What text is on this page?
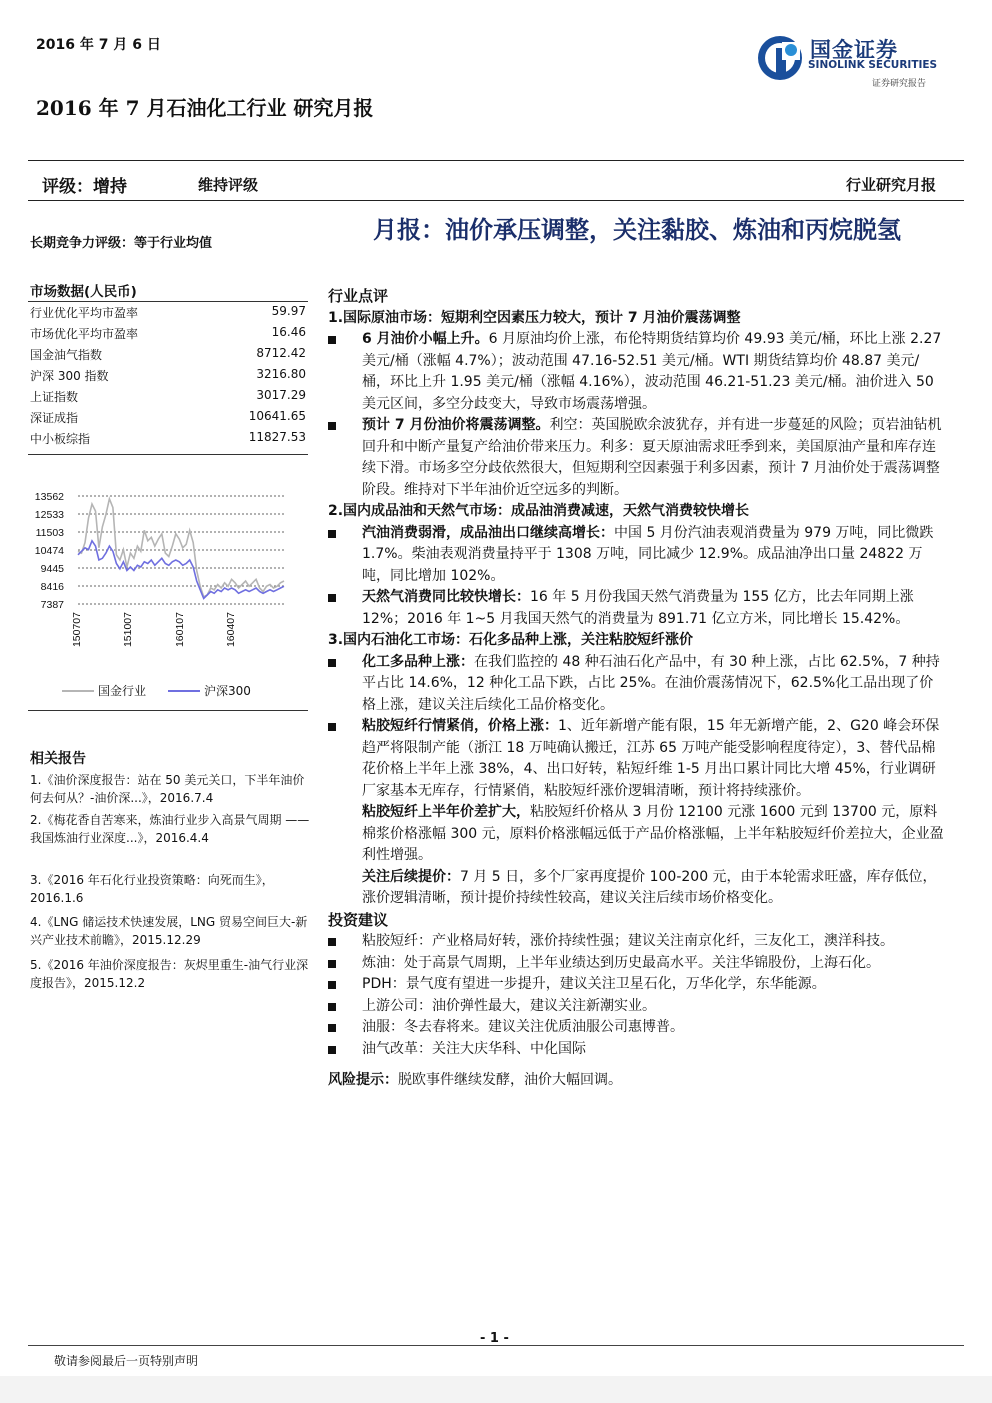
2016 年 7 月 6 日	国金证券
SINOLINK SECURITIES
证券研究报告
2016 年 7 月石油化工行业 研究月报
评级：增持	维持评级	行业研究月报
长期竞争力评级：等于行业均值
市场数据(人民币)
行业优化平均市盈率	59.97
市场优化平均市盈率	16.46
国金油气指数	8712.42
沪深 300 指数	3216.80
上证指数	3017.29
深证成指	10641.65
中小板综指	11827.53
13562
12533
11503
10474
9445
8416
7387
150707	151007	160107	160407
国金行业	沪深300
相关报告
1.《油价深度报告：站在 50 美元关口，下半年油价何去何从？-油价深...》，2016.7.4
2.《梅花香自苦寒来，炼油行业步入高景气周期 ——我国炼油行业深度...》，2016.4.4
3.《2016 年石化行业投资策略：向死而生》，2016.1.6
4.《LNG 储运技术快速发展，LNG 贸易空间巨大-新兴产业技术前瞻》，2015.12.29
5.《2016 年油价深度报告：灰烬里重生-油气行业深度报告》，2015.12.2
月报：油价承压调整，关注黏胶、炼油和丙烷脱氢
行业点评
1.国际原油市场：短期利空因素压力较大，预计 7 月油价震荡调整
6 月油价小幅上升。6 月原油均价上涨，布伦特期货结算均价 49.93 美元/桶，环比上涨 2.27 美元/桶（涨幅 4.7%）；波动范围 47.16-52.51 美元/桶。WTI 期货结算均价 48.87 美元/桶，环比上升 1.95 美元/桶（涨幅 4.16%），波动范围 46.21-51.23 美元/桶。油价进入 50 美元区间，多空分歧变大，导致市场震荡增强。
预计 7 月份油价将震荡调整。利空：英国脱欧余波犹存，并有进一步蔓延的风险；页岩油钻机回升和中断产量复产给油价带来压力。利多：夏天原油需求旺季到来，美国原油产量和库存连续下滑。市场多空分歧依然很大，但短期利空因素强于利多因素，预计 7 月油价处于震荡调整阶段。维持对下半年油价近空远多的判断。
2.国内成品油和天然气市场：成品油消费减速，天然气消费较快增长
汽油消费弱滑，成品油出口继续高增长：中国 5 月份汽油表观消费量为 979 万吨，同比微跌 1.7%。柴油表观消费量持平于 1308 万吨，同比减少 12.9%。成品油净出口量 24822 万吨，同比增加 102%。
天然气消费同比较快增长：16 年 5 月份我国天然气消费量为 155 亿方，比去年同期上涨 12%；2016 年 1~5 月我国天然气的消费量为 891.71 亿立方米，同比增长 15.42%。
3.国内石油化工市场：石化多品种上涨，关注粘胶短纤涨价
化工多品种上涨：在我们监控的 48 种石油石化产品中，有 30 种上涨，占比 62.5%，7 种持平占比 14.6%，12 种化工品下跌，占比 25%。在油价震荡情况下，62.5%化工品出现了价格上涨，建议关注后续化工品价格变化。
粘胶短纤行情紧俏，价格上涨：1、近年新增产能有限，15 年无新增产能，2、G20 峰会环保趋严将限制产能（浙江 18 万吨确认搬迁，江苏 65 万吨产能受影响程度待定），3、替代品棉花价格上半年上涨 38%，4、出口好转，粘短纤维 1-5 月出口累计同比大增 45%，行业调研厂家基本无库存，行情紧俏，粘胶短纤涨价逻辑清晰，预计将持续涨价。
粘胶短纤上半年价差扩大，粘胶短纤价格从 3 月份 12100 元涨 1600 元到 13700 元，原料棉浆价格涨幅 300 元，原料价格涨幅远低于产品价格涨幅，上半年粘胶短纤价差拉大，企业盈利性增强。
关注后续提价：7 月 5 日，多个厂家再度提价 100-200 元，由于本轮需求旺盛，库存低位，涨价逻辑清晰，预计提价持续性较高，建议关注后续市场价格变化。
投资建议
粘胶短纤：产业格局好转，涨价持续性强；建议关注南京化纤，三友化工，澳洋科技。
炼油：处于高景气周期，上半年业绩达到历史最高水平。关注华锦股份，上海石化。
PDH：景气度有望进一步提升，建议关注卫星石化，万华化学，东华能源。
上游公司：油价弹性最大，建议关注新潮实业。
油服：冬去春将来。建议关注优质油服公司惠博普。
油气改革：关注大庆华科、中化国际
风险提示：脱欧事件继续发酵，油价大幅回调。
- 1 -
敬请参阅最后一页特别声明
